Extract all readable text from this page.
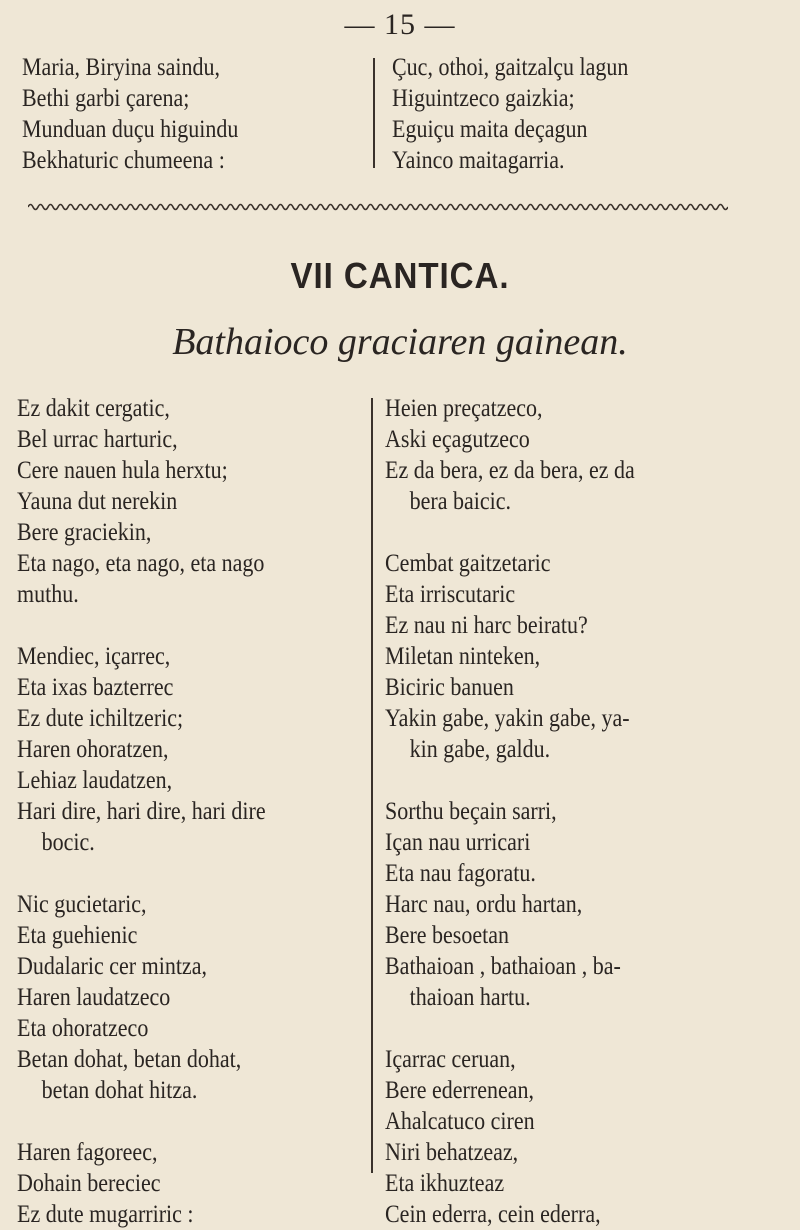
— 15 —
Maria, Biryina saindu,
Bethi garbi çarena;
Munduan duçu higuindu
Bekhaturic chumeena :
Çuc, othoi, gaitzalçu lagun
Higuintzeco gaizkia;
Eguiçu maita deçagun
Yainco maitagarria.
VII CANTICA.
Bathaioco graciaren gainean.
Ez dakit cergatic,
Bel urrac harturic,
Cere nauen hula herxtu;
Yauna dut nerekin
Bere graciekin,
Eta nago, eta nago, eta nago
muthu.
Mendiec, içarrec,
Eta ixas bazterrec
Ez dute ichiltzeric;
Haren ohoratzen,
Lehiaz laudatzen,
Hari dire, hari dire, hari dire
bocic.
Nic gucietaric,
Eta guehienic
Dudalaric cer mintza,
Haren laudatzeco
Eta ohoratzeco
Betan dohat, betan dohat,
betan dohat hitza.
Haren fagoreec,
Dohain bereciec
Ez dute mugarriric :
Heien preçatzeco,
Aski eçagutzeco
Ez da bera, ez da bera, ez da
bera baicic.
Cembat gaitzetaric
Eta irriscutaric
Ez nau ni harc beiratu?
Miletan ninteken,
Biciric banuen
Yakin gabe, yakin gabe, ya-
kin gabe, galdu.
Sorthu beçain sarri,
Içan nau urricari
Eta nau fagoratu.
Harc nau, ordu hartan,
Bere besoetan
Bathaioan , bathaioan , ba-
thaioan hartu.
Içarrac ceruan,
Bere ederrenean,
Ahalcatuco ciren
Niri behatzeaz,
Eta ikhuzteaz
Cein ederra, cein ederra,
